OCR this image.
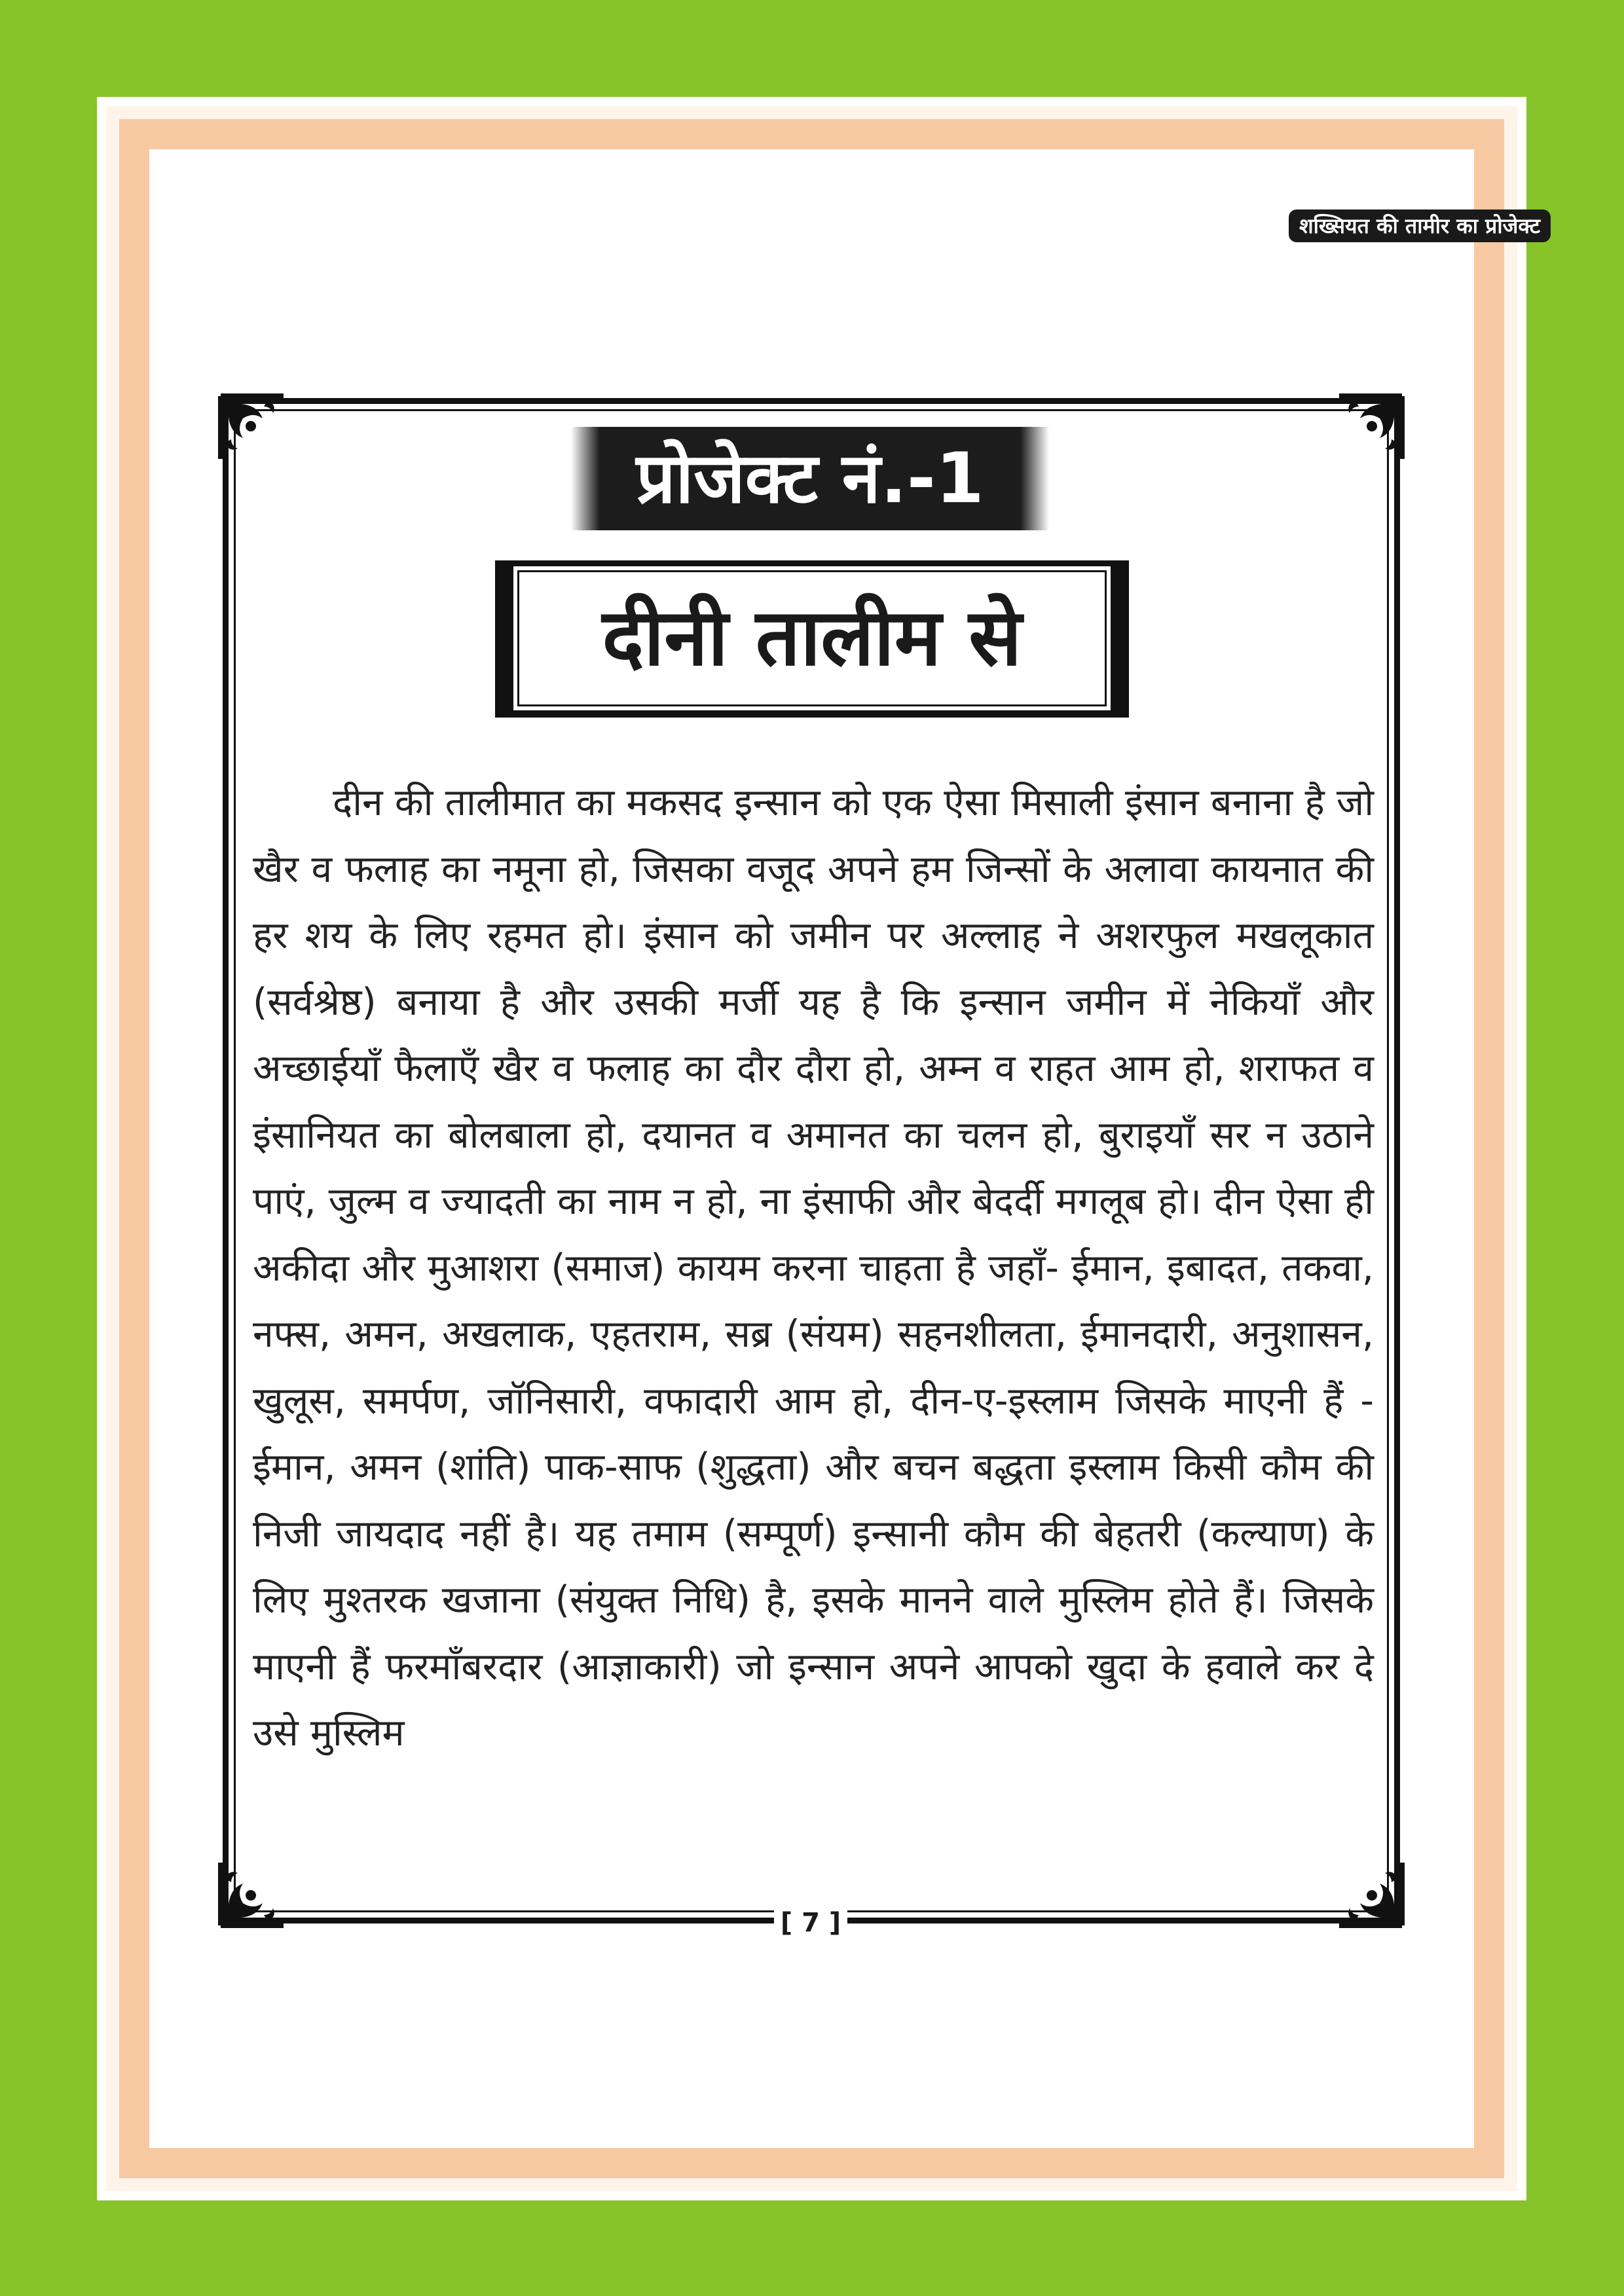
शख्सियत की तामीर का प्रोजेक्ट
प्रोजेक्ट नं.-1
दीनी तालीम से

दीन की तालीमात का मकसद इन्सान को एक ऐसा मिसाली इंसान बनाना है जो खैर व फलाह का नमूना हो, जिसका वजूद अपने हम जिन्सों के अलावा कायनात की हर शय के लिए रहमत हो। इंसान को जमीन पर अल्लाह ने अशरफुल मखलूकात (सर्वश्रेष्ठ) बनाया है और उसकी मर्जी यह है कि इन्सान जमीन में नेकियाँ और अच्छाईयाँ फैलाएँ खैर व फलाह का दौर दौरा हो, अम्न व राहत आम हो, शराफत व इंसानियत का बोलबाला हो, दयानत व अमानत का चलन हो, बुराइयाँ सर न उठाने पाएं, जुल्म व ज्यादती का नाम न हो, ना इंसाफी और बेदर्दी मगलूब हो। दीन ऐसा ही अकीदा और मुआशरा (समाज) कायम करना चाहता है जहाँ- ईमान, इबादत, तकवा, नफ्स, अमन, अखलाक, एहतराम, सब्र (संयम) सहनशीलता, ईमानदारी, अनुशासन, खुलूस, समर्पण, जॉनिसारी, वफादारी आम हो, दीन-ए-इस्लाम जिसके माएनी हैं - ईमान, अमन (शांति) पाक-साफ (शुद्धता) और बचन बद्धता इस्लाम किसी कौम की निजी जायदाद नहीं है। यह तमाम (सम्पूर्ण) इन्सानी कौम की बेहतरी (कल्याण) के लिए मुश्तरक खजाना (संयुक्त निधि) है, इसके मानने वाले मुस्लिम होते हैं। जिसके माएनी हैं फरमाँबरदार (आज्ञाकारी) जो इन्सान अपने आपको खुदा के हवाले कर दे उसे मुस्लिम

[ 7 ]
